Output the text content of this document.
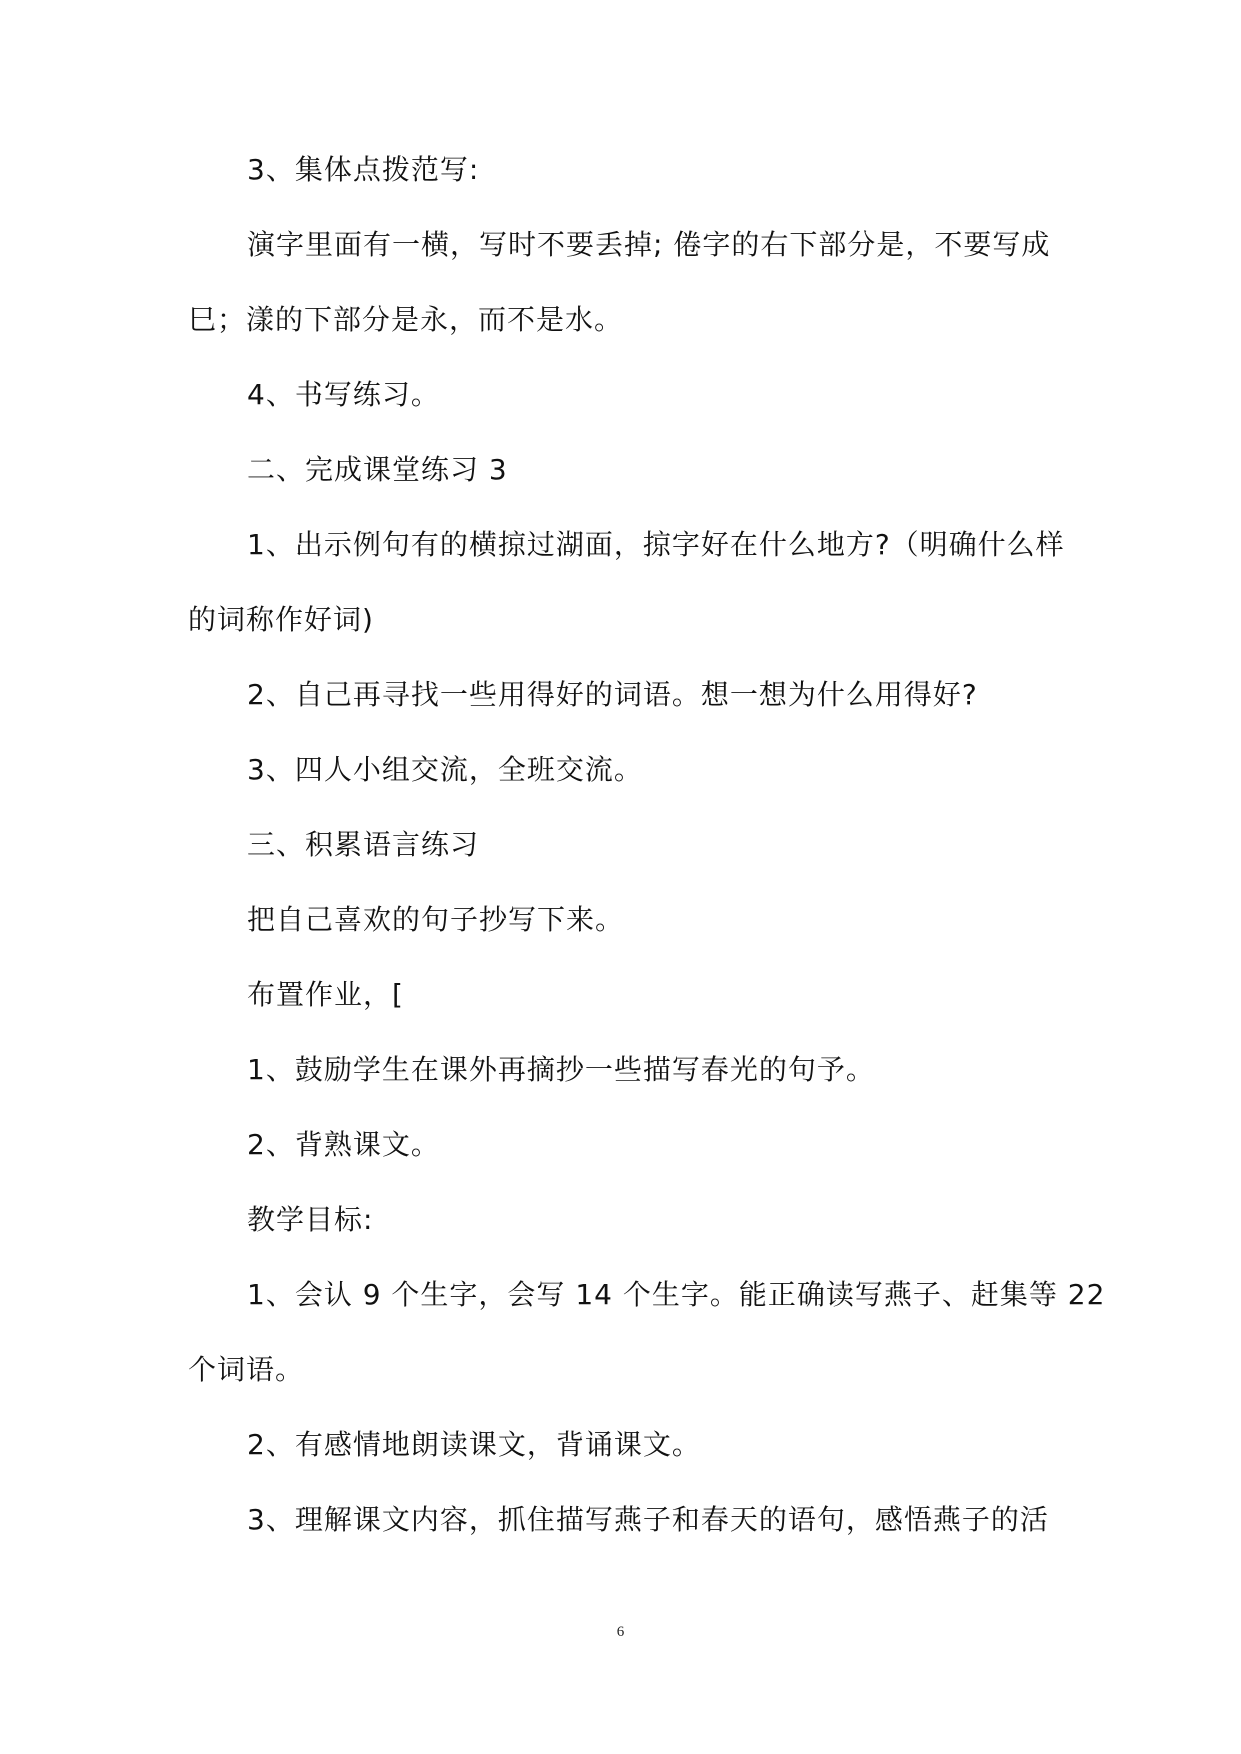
3、集体点拨范写:
演字里面有一横，写时不要丢掉; 倦字的右下部分是，不要写成
巳；漾的下部分是永，而不是水。
4、书写练习。
二、完成课堂练习 3
1、出示例句有的横掠过湖面，掠字好在什么地方?（明确什么样
的词称作好词)
2、自己再寻找一些用得好的词语。想一想为什么用得好?
3、四人小组交流，全班交流。
三、积累语言练习
把自己喜欢的句子抄写下来。
布置作业，[
1、鼓励学生在课外再摘抄一些描写春光的句予。
2、背熟课文。
教学目标:
1、会认 9 个生字，会写 14 个生字。能正确读写燕子、赶集等 22
个词语。
2、有感情地朗读课文，背诵课文。
3、理解课文内容，抓住描写燕子和春天的语句，感悟燕子的活
6
